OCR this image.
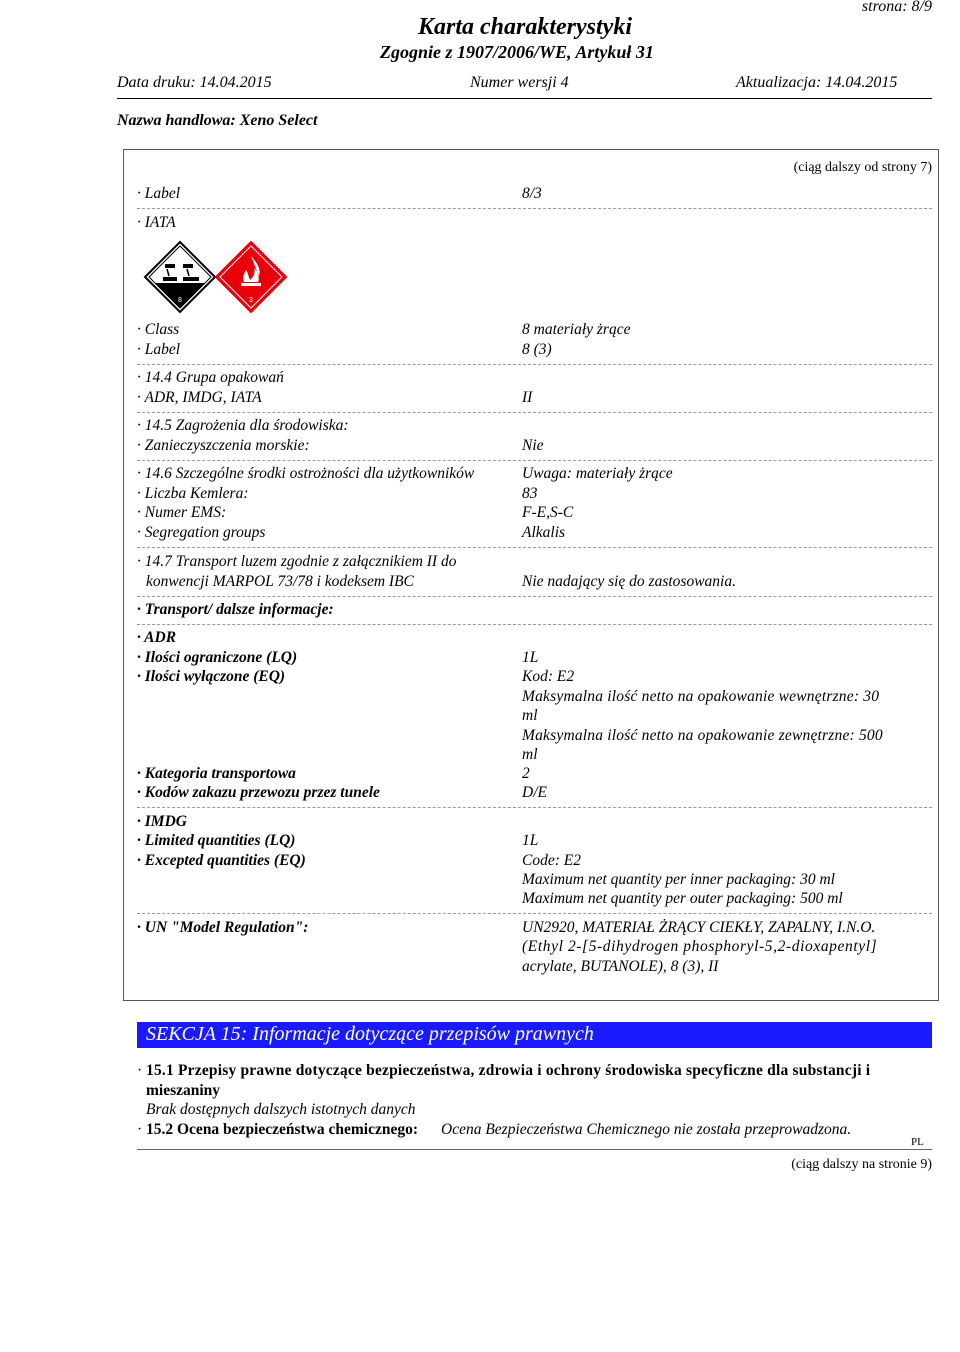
strona: 8/9
Karta charakterystyki
Zgognie z 1907/2006/WE, Artykuł 31
Data druku: 14.04.2015	Numer wersji 4	Aktualizacja: 14.04.2015
Nazwa handlowa: Xeno Select
(ciąg dalszy od strony 7)
· Label	8/3
· IATA
8	3
· Class	8 materiały żrące
· Label	8 (3)
· 14.4 Grupa opakowań
· ADR, IMDG, IATA	II
· 14.5 Zagrożenia dla środowiska:
· Zanieczyszczenia morskie:	Nie
· 14.6 Szczególne środki ostrożności dla użytkowników	Uwaga: materiały żrące
· Liczba Kemlera:	83
· Numer EMS:	F-E,S-C
· Segregation groups	Alkalis
· 14.7 Transport luzem zgodnie z załącznikiem II do
konwencji MARPOL 73/78 i kodeksem IBC	Nie nadający się do zastosowania.
· Transport/ dalsze informacje:
· ADR
· Ilości ograniczone (LQ)	1L
· Ilości wyłączone (EQ)	Kod: E2
Maksymalna ilość netto na opakowanie wewnętrzne: 30
ml
Maksymalna ilość netto na opakowanie zewnętrzne: 500
ml
· Kategoria transportowa	2
· Kodów zakazu przewozu przez tunele	D/E
· IMDG
· Limited quantities (LQ)	1L
· Excepted quantities (EQ)	Code: E2
Maximum net quantity per inner packaging: 30 ml
Maximum net quantity per outer packaging: 500 ml
· UN "Model Regulation":	UN2920, MATERIAŁ ŻRĄCY CIEKŁY, ZAPALNY, I.N.O.
(Ethyl 2-[5-dihydrogen phosphoryl-5,2-dioxapentyl]
acrylate, BUTANOLE), 8 (3), II
SEKCJA 15: Informacje dotyczące przepisów prawnych
· 15.1 Przepisy prawne dotyczące bezpieczeństwa, zdrowia i ochrony środowiska specyficzne dla substancji i
mieszaniny
Brak dostępnych dalszych istotnych danych
· 15.2 Ocena bezpieczeństwa chemicznego: Ocena Bezpieczeństwa Chemicznego nie została przeprowadzona.
PL
(ciąg dalszy na stronie 9)
